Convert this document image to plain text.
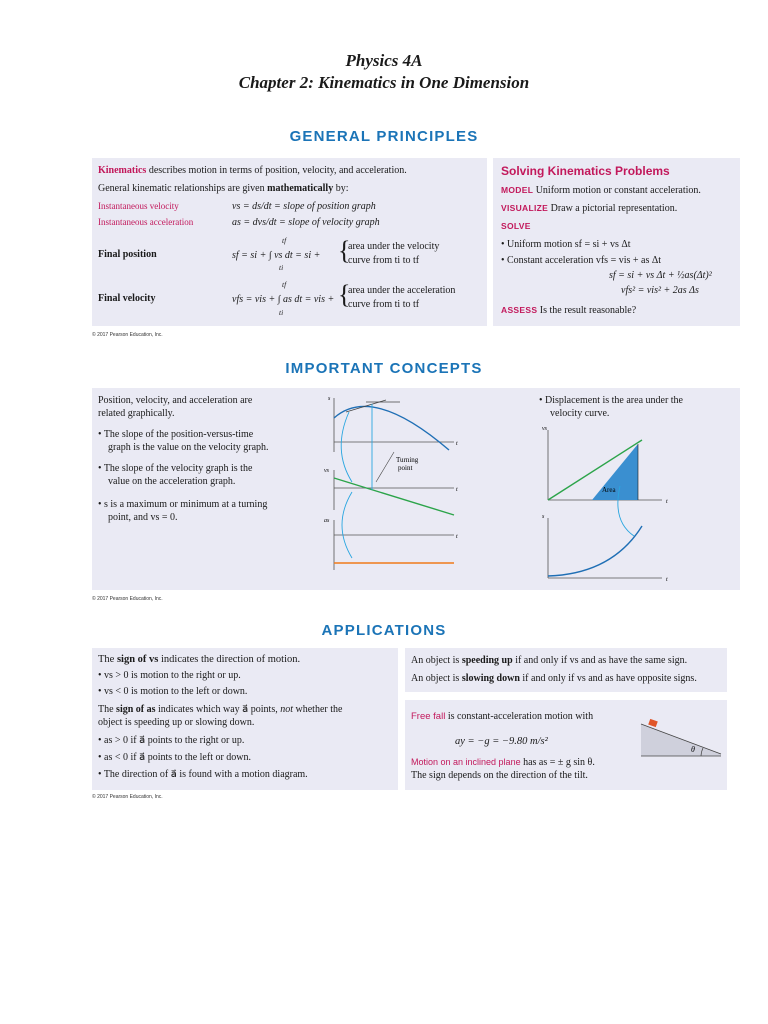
Physics 4A
Chapter 2: Kinematics in One Dimension
GENERAL PRINCIPLES
Kinematics describes motion in terms of position, velocity, and acceleration.
General kinematic relationships are given mathematically by:
Instantaneous velocity	vs = ds/dt = slope of position graph
Instantaneous acceleration	as = dvs/dt = slope of velocity graph
Final position	sf = si + ∫ vs dt = si +
tf
ti
{
area under the velocity
curve from ti to tf
Final velocity	vfs = vis + ∫ as dt = vis +
tf
ti
{
area under the acceleration
curve from ti to tf
Solving Kinematics Problems
MODEL Uniform motion or constant acceleration.
VISUALIZE Draw a pictorial representation.
SOLVE
• Uniform motion sf = si + vs Δt
• Constant acceleration vfs = vis + as Δt
sf = si + vs Δt + ½as(Δt)²
vfs² = vis² + 2as Δs
ASSESS Is the result reasonable?
© 2017 Pearson Education, Inc.
IMPORTANT CONCEPTS
Position, velocity, and acceleration are
related graphically.
• The slope of the position-versus-time
graph is the value on the velocity graph.
• The slope of the velocity graph is the
value on the acceleration graph.
• s is a maximum or minimum at a turning
point, and vs = 0.
s
t
vs
t
as
t
Turning
point
• Displacement is the area under the
velocity curve.
Area
vs
t
s
t
© 2017 Pearson Education, Inc.
APPLICATIONS
The sign of vs indicates the direction of motion.
• vs > 0 is motion to the right or up.
• vs < 0 is motion to the left or down.
The sign of as indicates which way a⃗ points, not whether the
object is speeding up or slowing down.
• as > 0 if a⃗ points to the right or up.
• as < 0 if a⃗ points to the left or down.
• The direction of a⃗ is found with a motion diagram.
An object is speeding up if and only if vs and as have the same sign.
An object is slowing down if and only if vs and as have opposite signs.
Free fall is constant-acceleration motion with
ay = −g = −9.80 m/s²
Motion on an inclined plane has as = ± g sin θ.
The sign depends on the direction of the tilt.
θ
© 2017 Pearson Education, Inc.
